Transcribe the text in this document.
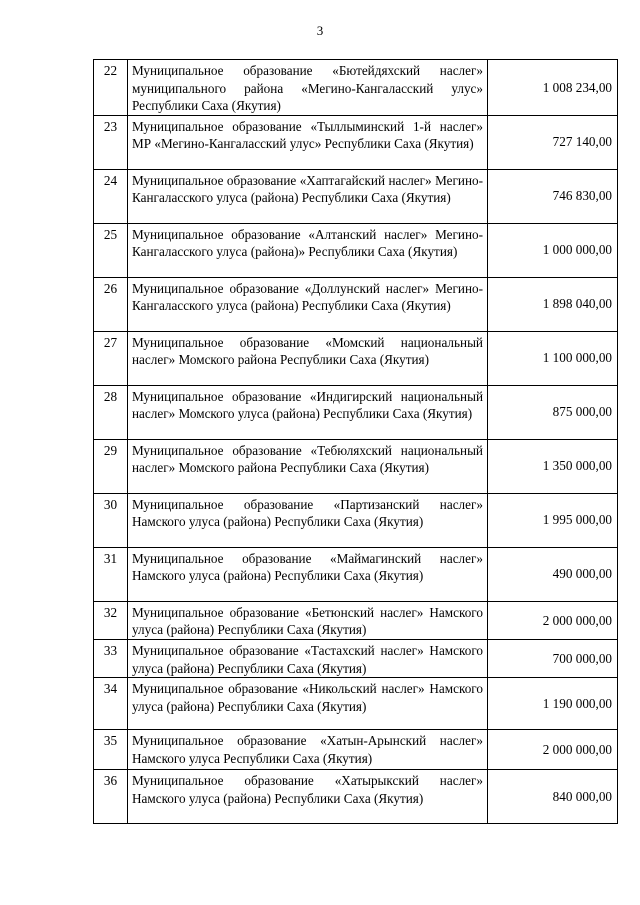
3
22	Муниципальное образование «Бютейдяхский наслег» муниципального района «Мегино-Кангаласский улус» Республики Саха (Якутия)	1 008 234,00
23	Муниципальное образование «Тыллыминский 1-й наслег» МР «Мегино-Кангаласский улус» Республики Саха (Якутия)	727 140,00
24	Муниципальное образование «Хаптагайский наслег» Мегино-Кангаласского улуса (района) Республики Саха (Якутия)	746 830,00
25	Муниципальное образование «Алтанский наслег» Мегино-Кангаласского улуса (района)» Республики Саха (Якутия)	1 000 000,00
26	Муниципальное образование «Доллунский наслег» Мегино-Кангаласского улуса (района) Республики Саха (Якутия)	1 898 040,00
27	Муниципальное образование «Момский национальный наслег» Момского района Республики Саха (Якутия)	1 100 000,00
28	Муниципальное образование «Индигирский национальный наслег» Момского улуса (района) Республики Саха (Якутия)	875 000,00
29	Муниципальное образование «Тебюляхский национальный наслег» Момского района Республики Саха (Якутия)	1 350 000,00
30	Муниципальное образование «Партизанский наслег» Намского улуса (района) Республики Саха (Якутия)	1 995 000,00
31	Муниципальное образование «Маймагинский наслег» Намского улуса (района) Республики Саха (Якутия)	490 000,00
32	Муниципальное образование «Бетюнский наслег» Намского улуса (района) Республики Саха (Якутия)	2 000 000,00
33	Муниципальное образование «Тастахский наслег» Намского улуса (района) Республики Саха (Якутия)	700 000,00
34	Муниципальное образование «Никольский наслег» Намского улуса (района) Республики Саха (Якутия)	1 190 000,00
35	Муниципальное образование «Хатын-Арынский наслег» Намского улуса Республики Саха (Якутия)	2 000 000,00
36	Муниципальное образование «Хатырыкский наслег» Намского улуса (района) Республики Саха (Якутия)	840 000,00
